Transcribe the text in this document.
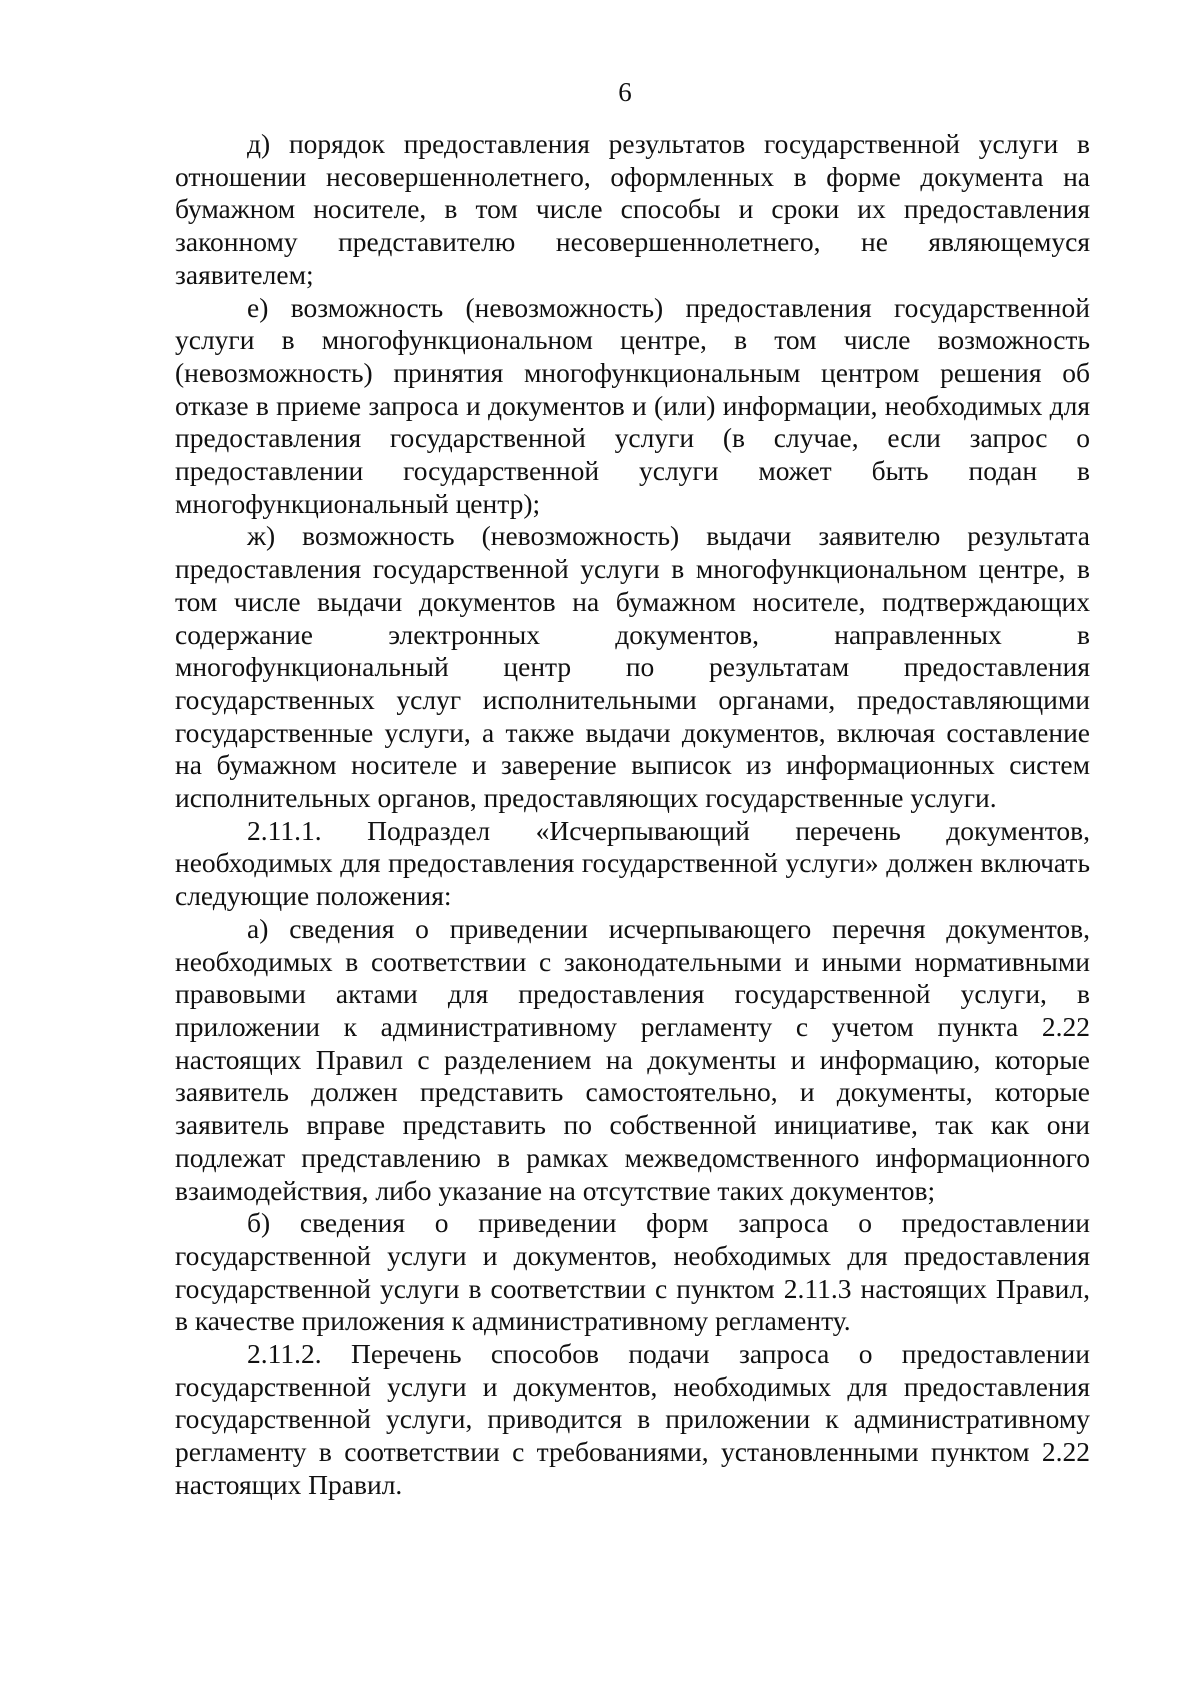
6

д) порядок предоставления результатов государственной услуги в отношении несовершеннолетнего, оформленных в форме документа на бумажном носителе, в том числе способы и сроки их предоставления законному представителю несовершеннолетнего, не являющемуся заявителем;

е) возможность (невозможность) предоставления государственной услуги в многофункциональном центре, в том числе возможность (невозможность) принятия многофункциональным центром решения об отказе в приеме запроса и документов и (или) информации, необходимых для предоставления государственной услуги (в случае, если запрос о предоставлении государственной услуги может быть подан в многофункциональный центр);

ж) возможность (невозможность) выдачи заявителю результата предоставления государственной услуги в многофункциональном центре, в том числе выдачи документов на бумажном носителе, подтверждающих содержание электронных документов, направленных в многофункциональный центр по результатам предоставления государственных услуг исполнительными органами, предоставляющими государственные услуги, а также выдачи документов, включая составление на бумажном носителе и заверение выписок из информационных систем исполнительных органов, предоставляющих государственные услуги.

2.11.1. Подраздел «Исчерпывающий перечень документов, необходимых для предоставления государственной услуги» должен включать следующие положения:

а) сведения о приведении исчерпывающего перечня документов, необходимых в соответствии с законодательными и иными нормативными правовыми актами для предоставления государственной услуги, в приложении к административному регламенту с учетом пункта 2.22 настоящих Правил с разделением на документы и информацию, которые заявитель должен представить самостоятельно, и документы, которые заявитель вправе представить по собственной инициативе, так как они подлежат представлению в рамках межведомственного информационного взаимодействия, либо указание на отсутствие таких документов;

б) сведения о приведении форм запроса о предоставлении государственной услуги и документов, необходимых для предоставления государственной услуги в соответствии с пунктом 2.11.3 настоящих Правил, в качестве приложения к административному регламенту.

2.11.2. Перечень способов подачи запроса о предоставлении государственной услуги и документов, необходимых для предоставления государственной услуги, приводится в приложении к административному регламенту в соответствии с требованиями, установленными пунктом 2.22 настоящих Правил.
